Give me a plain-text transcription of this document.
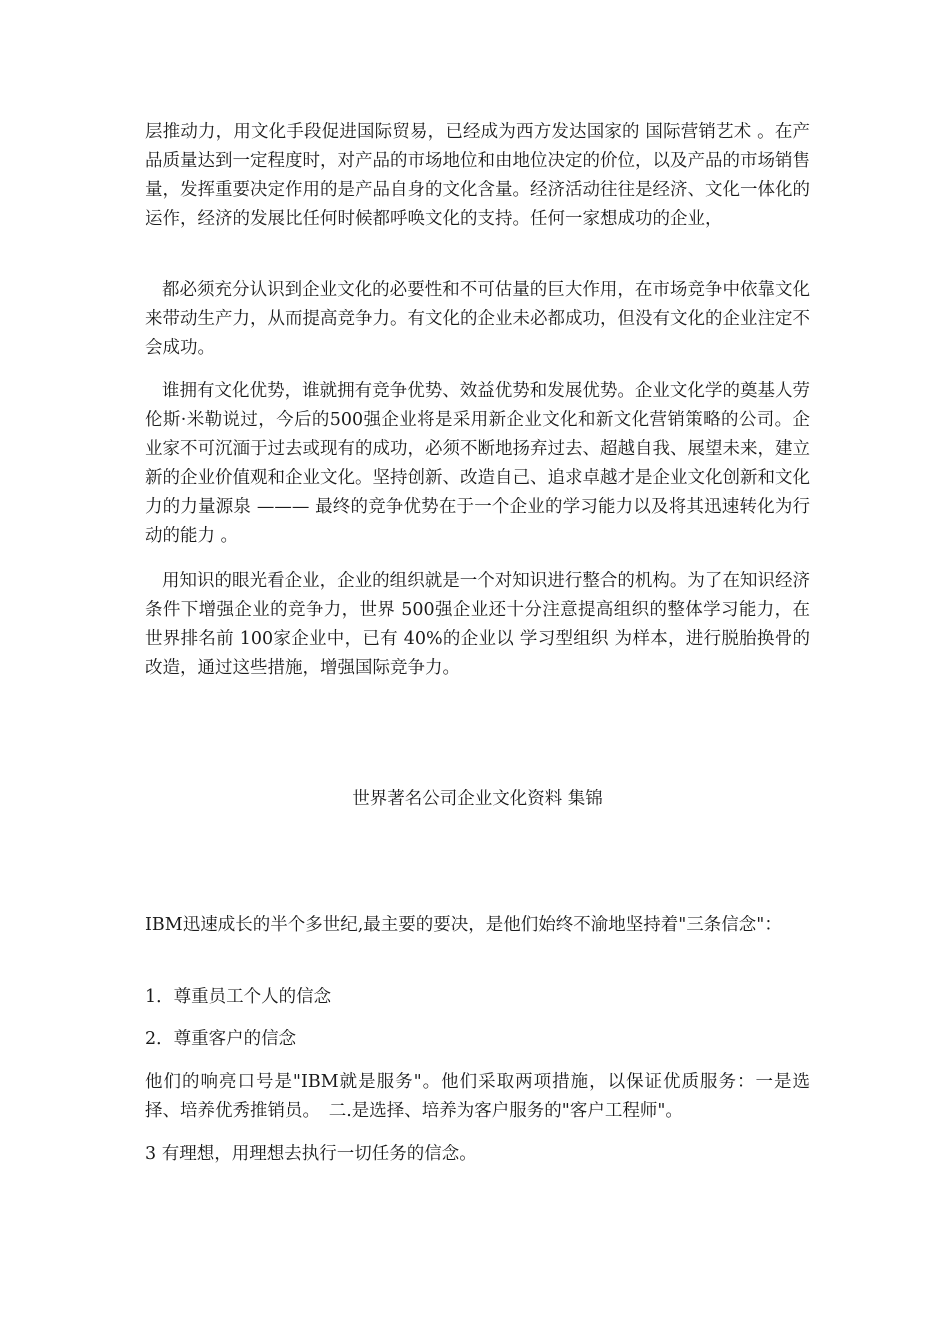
层推动力，用文化手段促进国际贸易，已经成为西方发达国家的 国际营销艺术 。在产品质量达到一定程度时，对产品的市场地位和由地位决定的价位，以及产品的市场销售量，发挥重要决定作用的是产品自身的文化含量。经济活动往往是经济、文化一体化的运作，经济的发展比任何时候都呼唤文化的支持。任何一家想成功的企业，

都必须充分认识到企业文化的必要性和不可估量的巨大作用，在市场竞争中依靠文化来带动生产力，从而提高竞争力。有文化的企业未必都成功，但没有文化的企业注定不会成功。

谁拥有文化优势，谁就拥有竞争优势、效益优势和发展优势。企业文化学的奠基人劳伦斯·米勒说过，今后的500强企业将是采用新企业文化和新文化营销策略的公司。企业家不可沉湎于过去或现有的成功，必须不断地扬弃过去、超越自我、展望未来，建立新的企业价值观和企业文化。坚持创新、改造自己、追求卓越才是企业文化创新和文化力的力量源泉 ——— 最终的竞争优势在于一个企业的学习能力以及将其迅速转化为行动的能力 。

用知识的眼光看企业，企业的组织就是一个对知识进行整合的机构。为了在知识经济条件下增强企业的竞争力，世界 500强企业还十分注意提高组织的整体学习能力，在世界排名前 100家企业中，已有 40%的企业以 学习型组织 为样本，进行脱胎换骨的改造，通过这些措施，增强国际竞争力。

世界著名公司企业文化资料 集锦

IBM迅速成长的半个多世纪,最主要的要决，是他们始终不渝地坚持着"三条信念"：

1．尊重员工个人的信念

2．尊重客户的信念

他们的响亮口号是"IBM就是服务"。他们采取两项措施，以保证优质服务：一是选择、培养优秀推销员。　二.是选择、培养为客户服务的"客户工程师"。

3 有理想，用理想去执行一切任务的信念。
